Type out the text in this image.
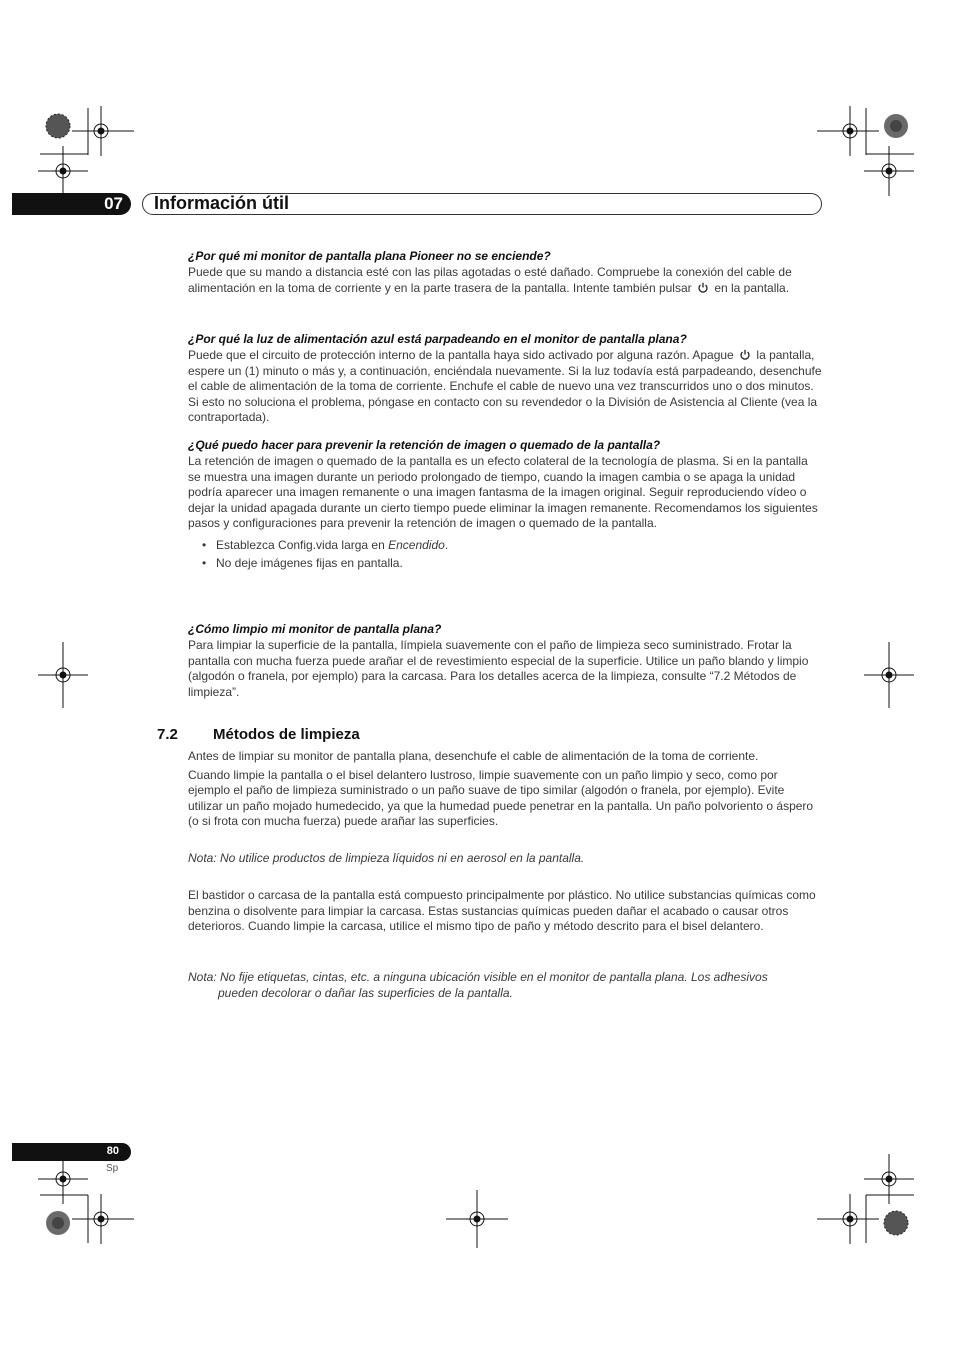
07 Información útil

¿Por qué mi monitor de pantalla plana Pioneer no se enciende?

Puede que su mando a distancia esté con las pilas agotadas o esté dañado. Compruebe la conexión del cable de alimentación en la toma de corriente y en la parte trasera de la pantalla. Intente también pulsar en la pantalla.

¿Por qué la luz de alimentación azul está parpadeando en el monitor de pantalla plana?

Puede que el circuito de protección interno de la pantalla haya sido activado por alguna razón. Apague la pantalla, espere un (1) minuto o más y, a continuación, enciéndala nuevamente. Si la luz todavía está parpadeando, desenchufe el cable de alimentación de la toma de corriente. Enchufe el cable de nuevo una vez transcurridos uno o dos minutos. Si esto no soluciona el problema, póngase en contacto con su revendedor o la División de Asistencia al Cliente (vea la contraportada).

¿Qué puedo hacer para prevenir la retención de imagen o quemado de la pantalla?

La retención de imagen o quemado de la pantalla es un efecto colateral de la tecnología de plasma. Si en la pantalla se muestra una imagen durante un periodo prolongado de tiempo, cuando la imagen cambia o se apaga la unidad podría aparecer una imagen remanente o una imagen fantasma de la imagen original. Seguir reproduciendo vídeo o dejar la unidad apagada durante un cierto tiempo puede eliminar la imagen remanente. Recomendamos los siguientes pasos y configuraciones para prevenir la retención de imagen o quemado de la pantalla.

• Establezca Config.vida larga en Encendido.
• No deje imágenes fijas en pantalla.

¿Cómo limpio mi monitor de pantalla plana?

Para limpiar la superficie de la pantalla, límpiela suavemente con el paño de limpieza seco suministrado. Frotar la pantalla con mucha fuerza puede arañar el de revestimiento especial de la superficie. Utilice un paño blando y limpio (algodón o franela, por ejemplo) para la carcasa. Para los detalles acerca de la limpieza, consulte “7.2 Métodos de limpieza”.

7.2 Métodos de limpieza

Antes de limpiar su monitor de pantalla plana, desenchufe el cable de alimentación de la toma de corriente.

Cuando limpie la pantalla o el bisel delantero lustroso, limpie suavemente con un paño limpio y seco, como por ejemplo el paño de limpieza suministrado o un paño suave de tipo similar (algodón o franela, por ejemplo). Evite utilizar un paño mojado humedecido, ya que la humedad puede penetrar en la pantalla. Un paño polvoriento o áspero (o si frota con mucha fuerza) puede arañar las superficies.

Nota: No utilice productos de limpieza líquidos ni en aerosol en la pantalla.

El bastidor o carcasa de la pantalla está compuesto principalmente por plástico. No utilice substancias químicas como benzina o disolvente para limpiar la carcasa. Estas sustancias químicas pueden dañar el acabado o causar otros deterioros. Cuando limpie la carcasa, utilice el mismo tipo de paño y método descrito para el bisel delantero.

Nota: No fije etiquetas, cintas, etc. a ninguna ubicación visible en el monitor de pantalla plana. Los adhesivos

pueden decolorar o dañar las superficies de la pantalla.

80
Sp
